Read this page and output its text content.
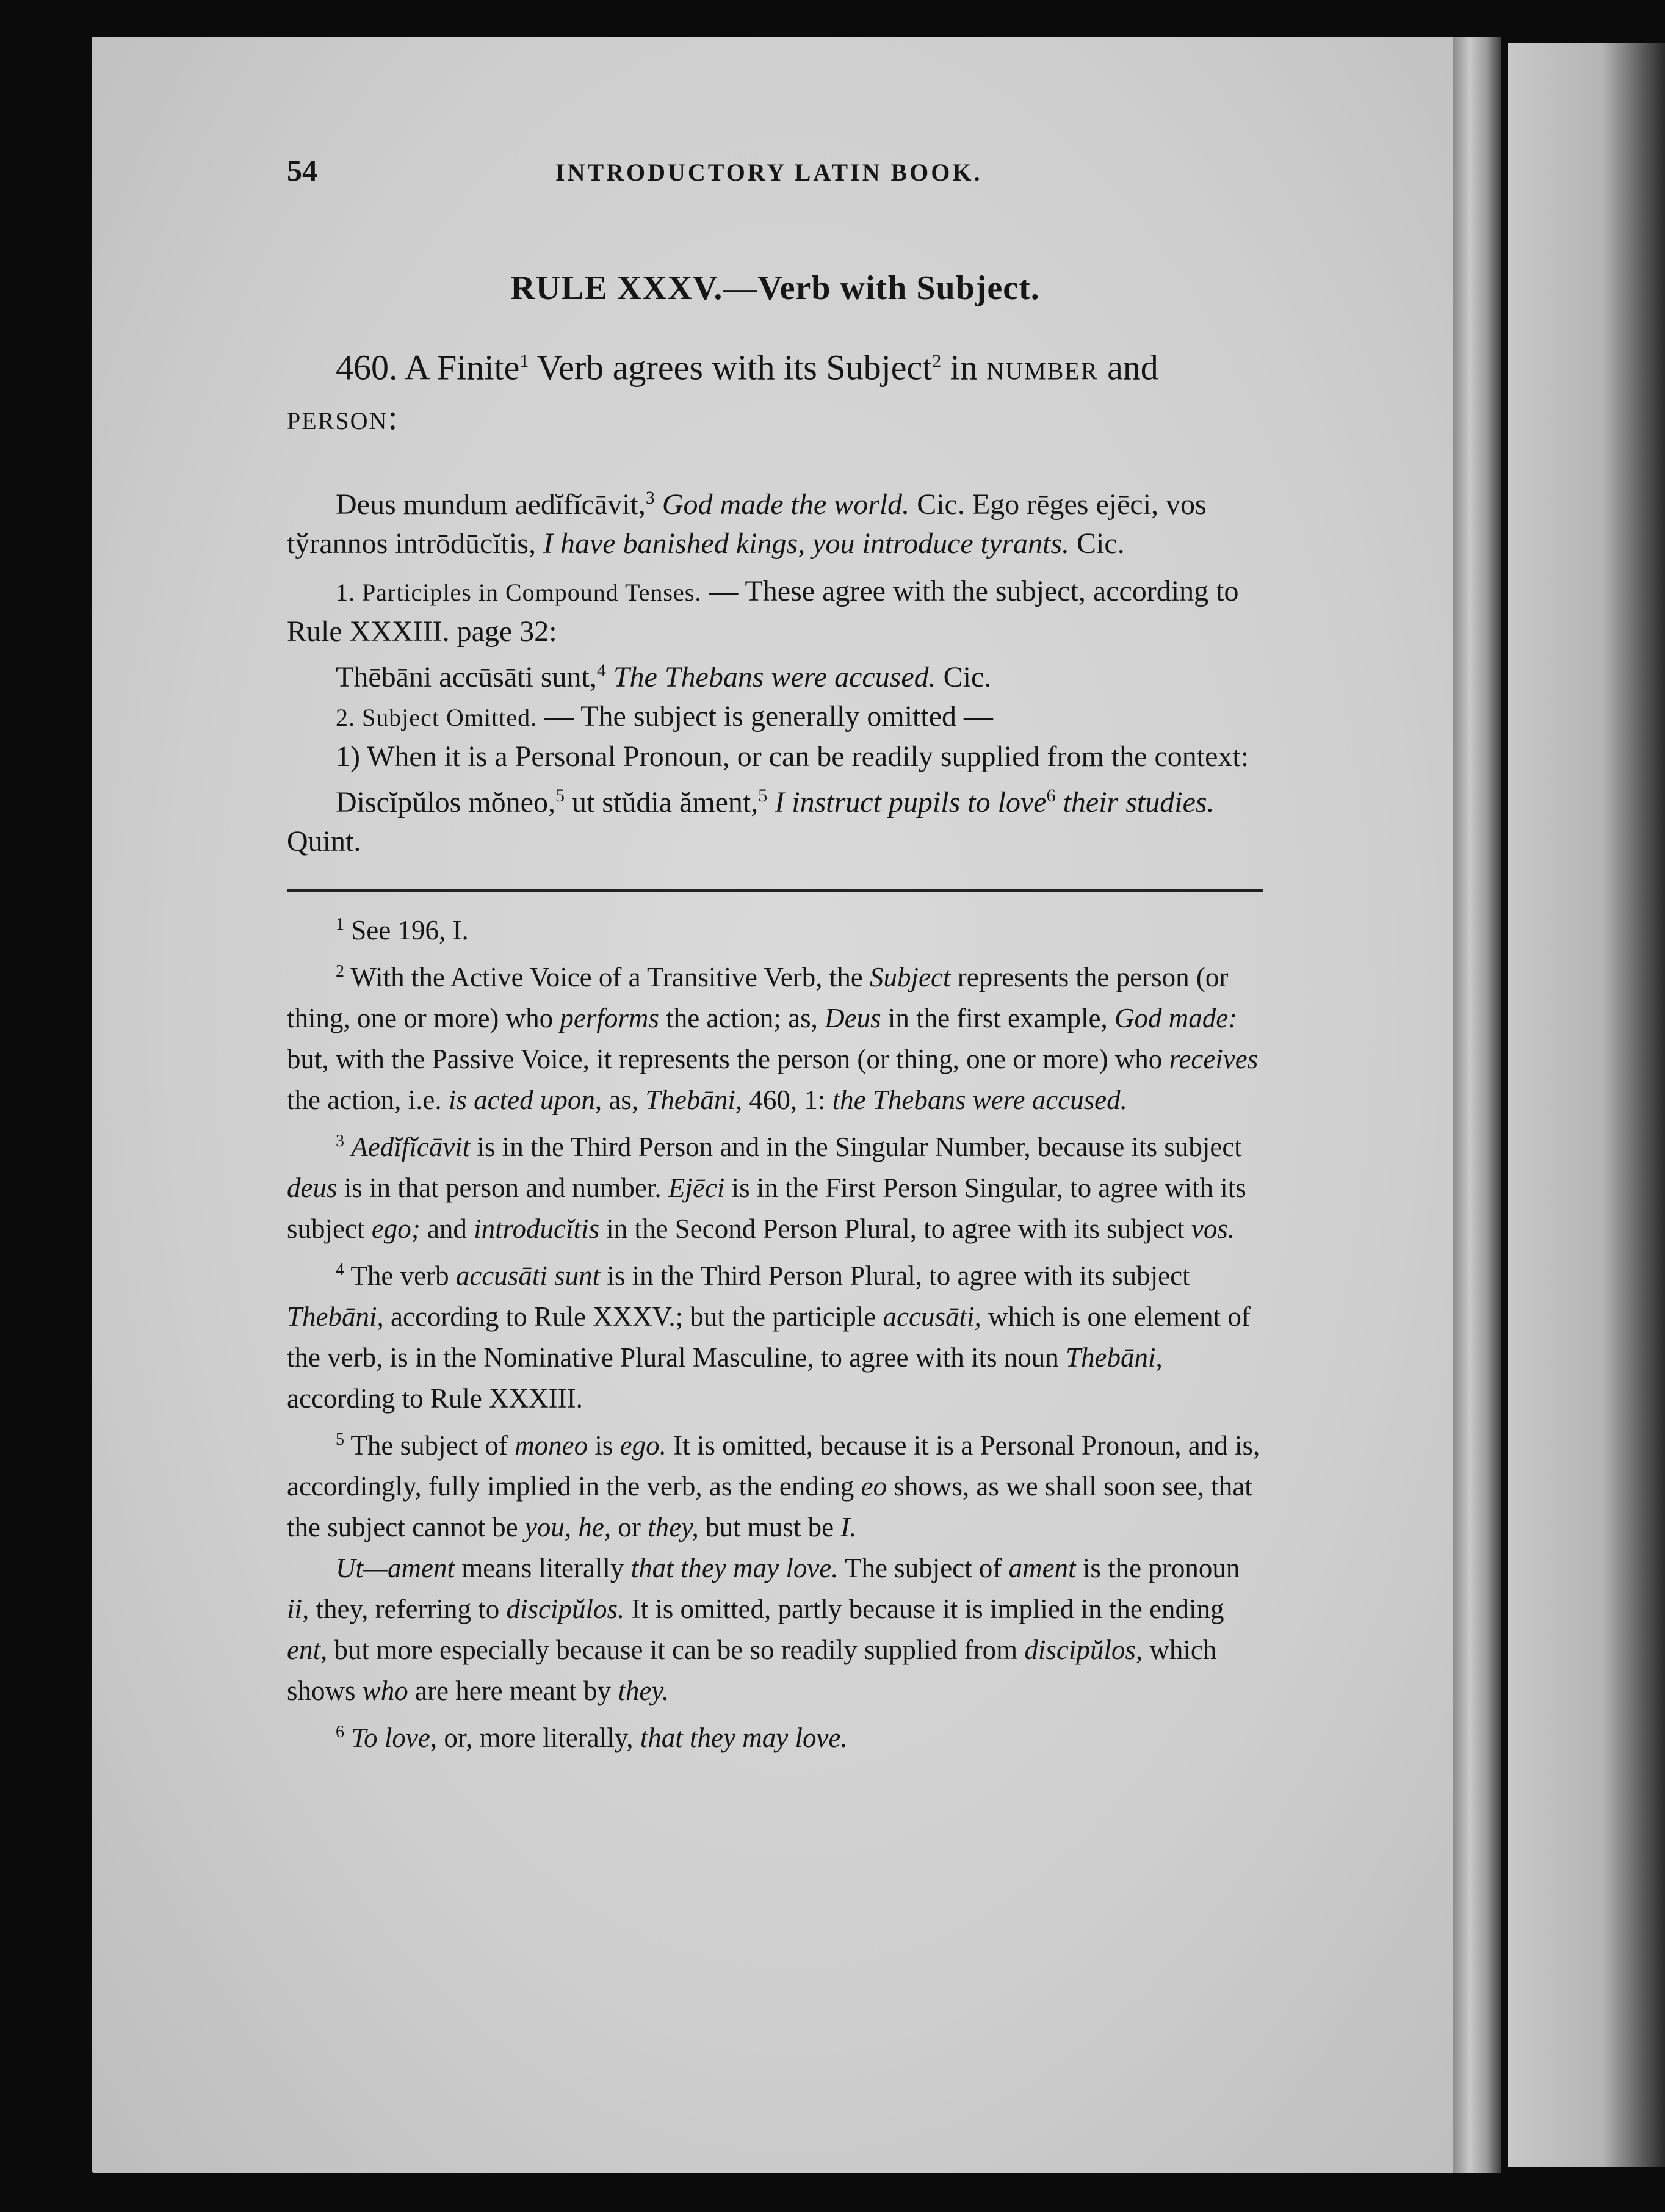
54	INTRODUCTORY LATIN BOOK.
RULE XXXV.—Verb with Subject.

460. A Finite$^1$ Verb agrees with its Subject$^2$ in NUMBER and PERSON:

Deus mundum aedĭfĭcāvit,$^3$ God made the world. Cic. Ego rēges ejēci, vos tўrannos intrōdūcĭtis, I have banished kings, you introduce tyrants. Cic.

1. Participles in Compound Tenses. — These agree with the subject, according to Rule XXXIII. page 32:

Thēbāni accūsāti sunt,$^4$ The Thebans were accused. Cic.

2. Subject Omitted. — The subject is generally omitted —

1) When it is a Personal Pronoun, or can be readily supplied from the context:

Discĭpŭlos mŏneo,$^5$ ut stŭdia ăment,$^5$ I instruct pupils to love$^6$ their studies. Quint.

$^1$ See 196, I.

$^2$ With the Active Voice of a Transitive Verb, the Subject represents the person (or thing, one or more) who performs the action; as, Deus in the first example, God made: but, with the Passive Voice, it represents the person (or thing, one or more) who receives the action, i.e. is acted upon, as, Thebāni, 460, 1: the Thebans were accused.

$^3$ Aedĭfĭcāvit is in the Third Person and in the Singular Number, because its subject deus is in that person and number. Ejēci is in the First Person Singular, to agree with its subject ego; and introducĭtis in the Second Person Plural, to agree with its subject vos.

$^4$ The verb accusāti sunt is in the Third Person Plural, to agree with its subject Thebāni, according to Rule XXXV.; but the participle accusāti, which is one element of the verb, is in the Nominative Plural Masculine, to agree with its noun Thebāni, according to Rule XXXIII.

$^5$ The subject of moneo is ego. It is omitted, because it is a Personal Pronoun, and is, accordingly, fully implied in the verb, as the ending eo shows, as we shall soon see, that the subject cannot be you, he, or they, but must be I.

Ut—ament means literally that they may love. The subject of ament is the pronoun ii, they, referring to discipŭlos. It is omitted, partly because it is implied in the ending ent, but more especially because it can be so readily supplied from discipŭlos, which shows who are here meant by they.

$^6$ To love, or, more literally, that they may love.
